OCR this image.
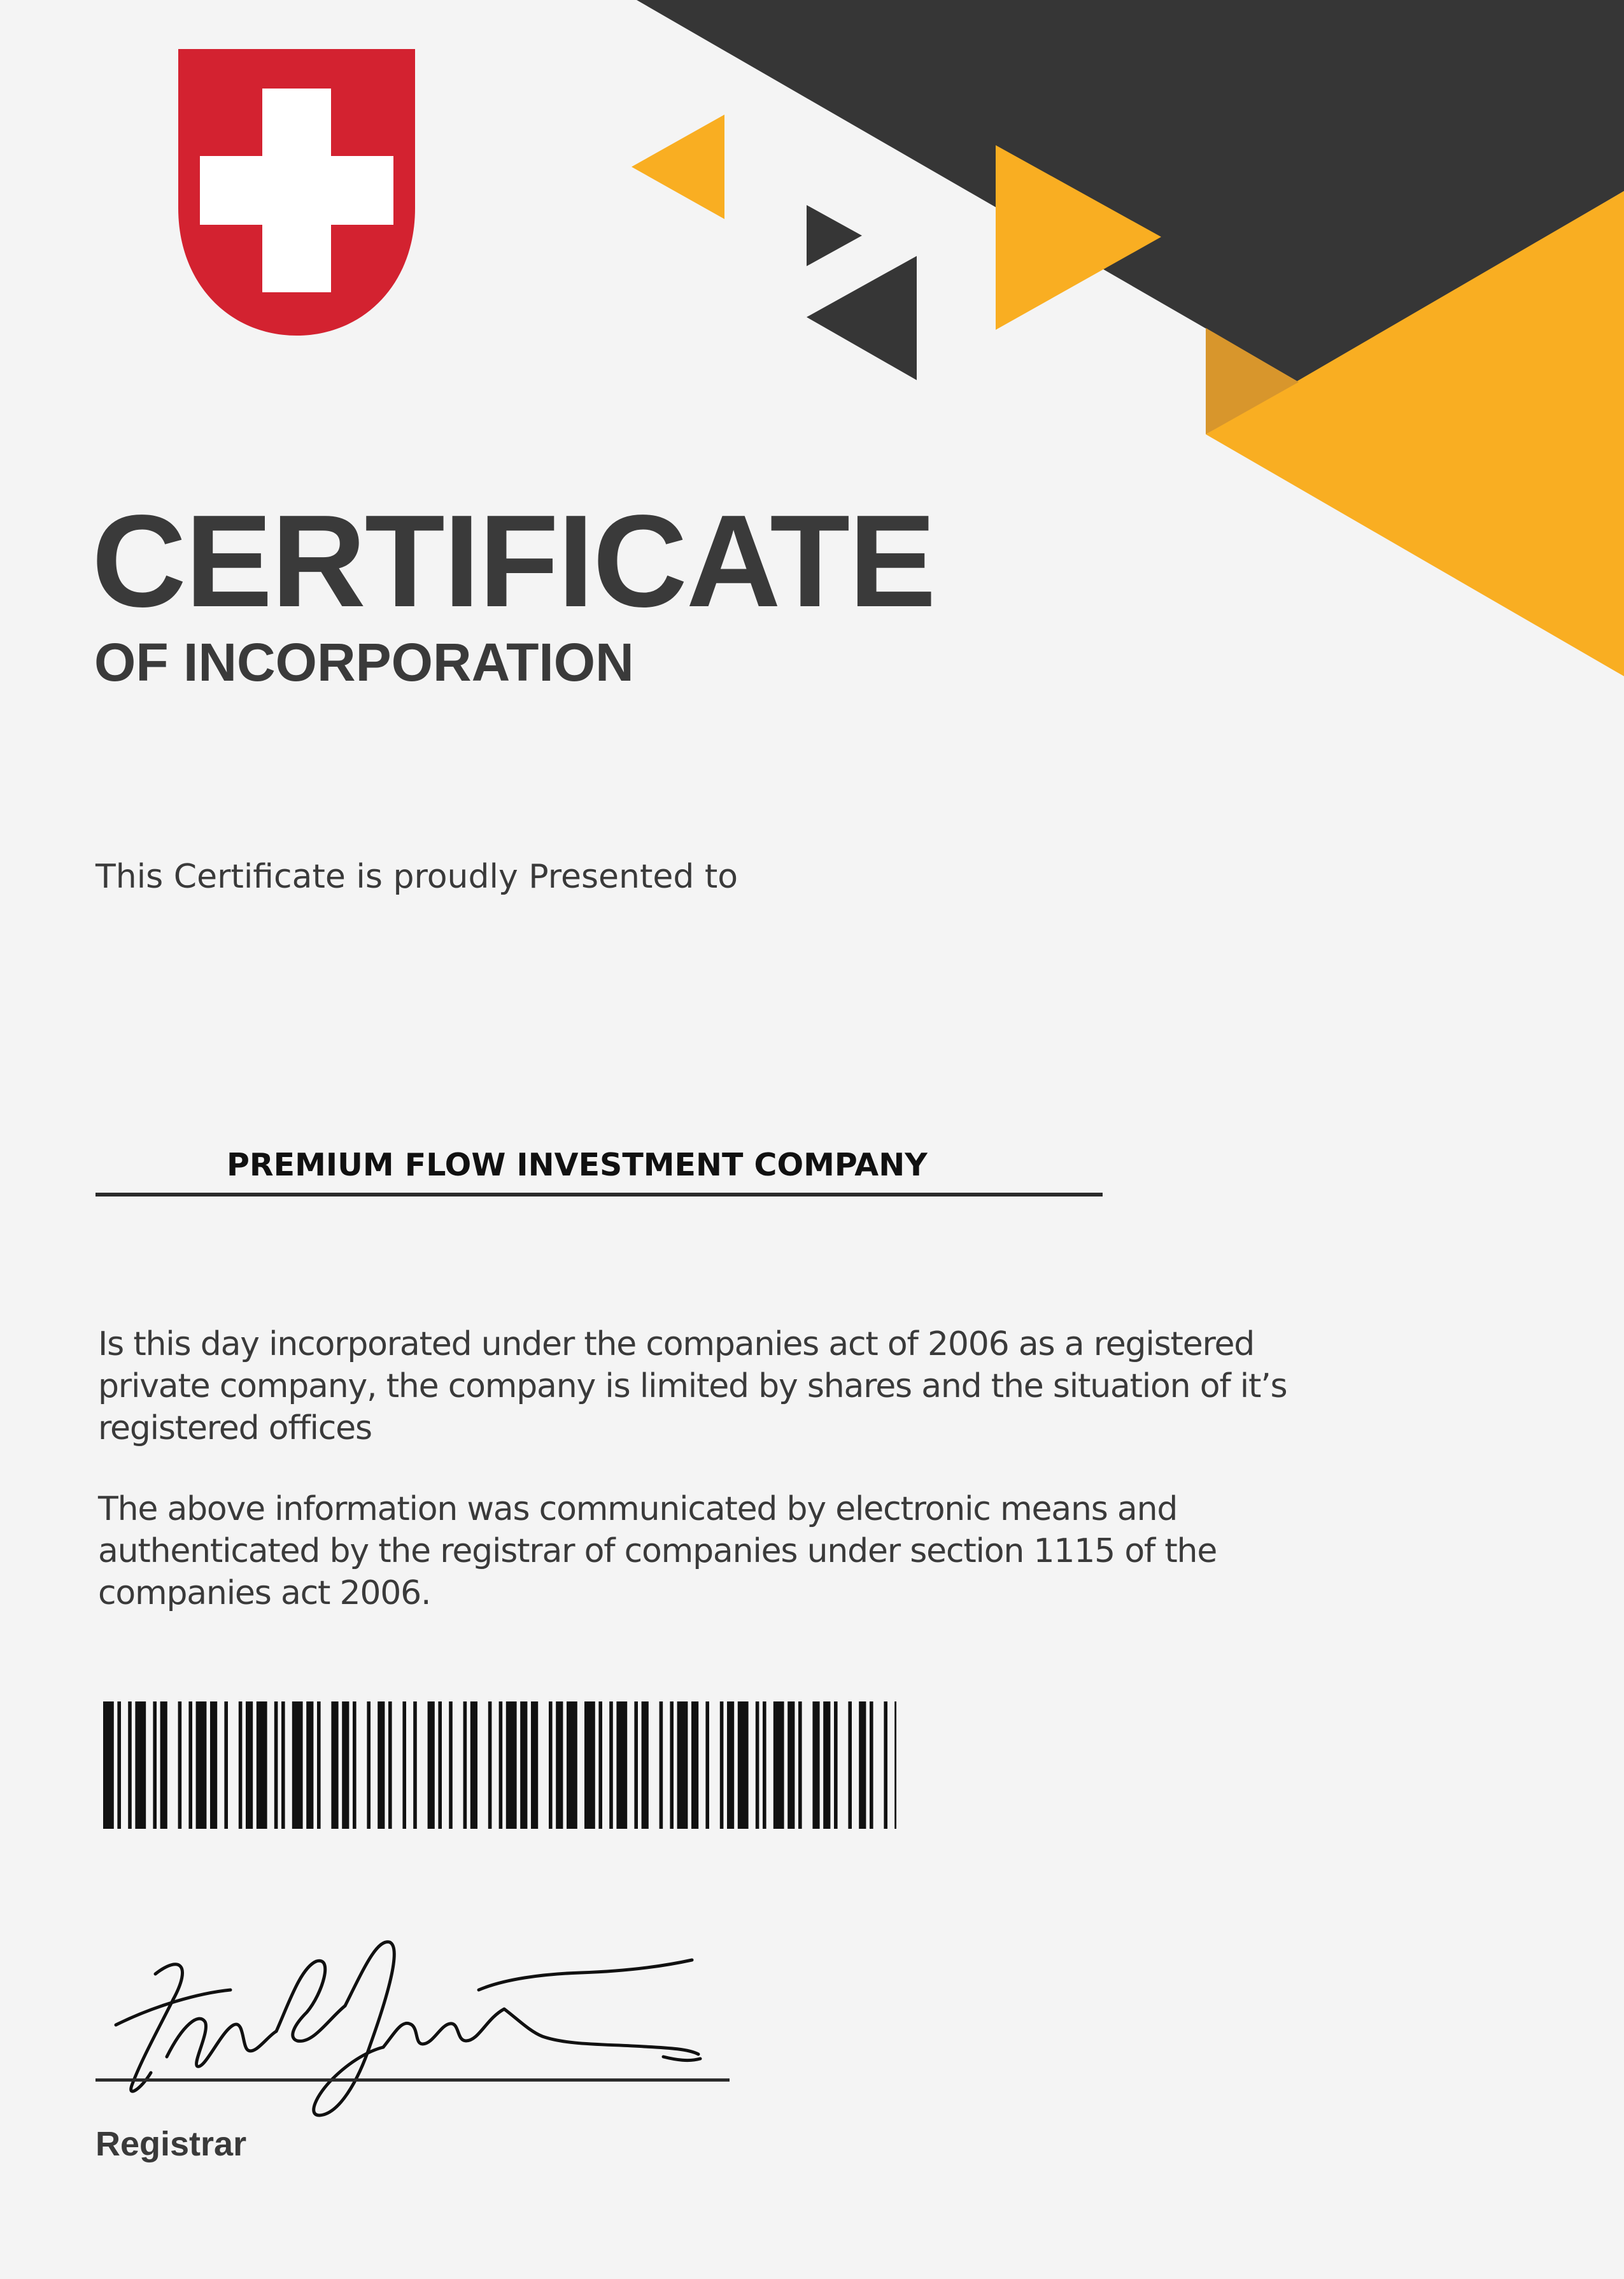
CERTIFICATE
OF INCORPORATION

This Certificate is proudly Presented to

PREMIUM FLOW INVESTMENT COMPANY

Is this day incorporated under the companies act of 2006 as a registered private company, the company is limited by shares and the situation of it’s registered offices

The above information was communicated by electronic means and authenticated by the registrar of companies under section 1115 of the companies act 2006.

Registrar
